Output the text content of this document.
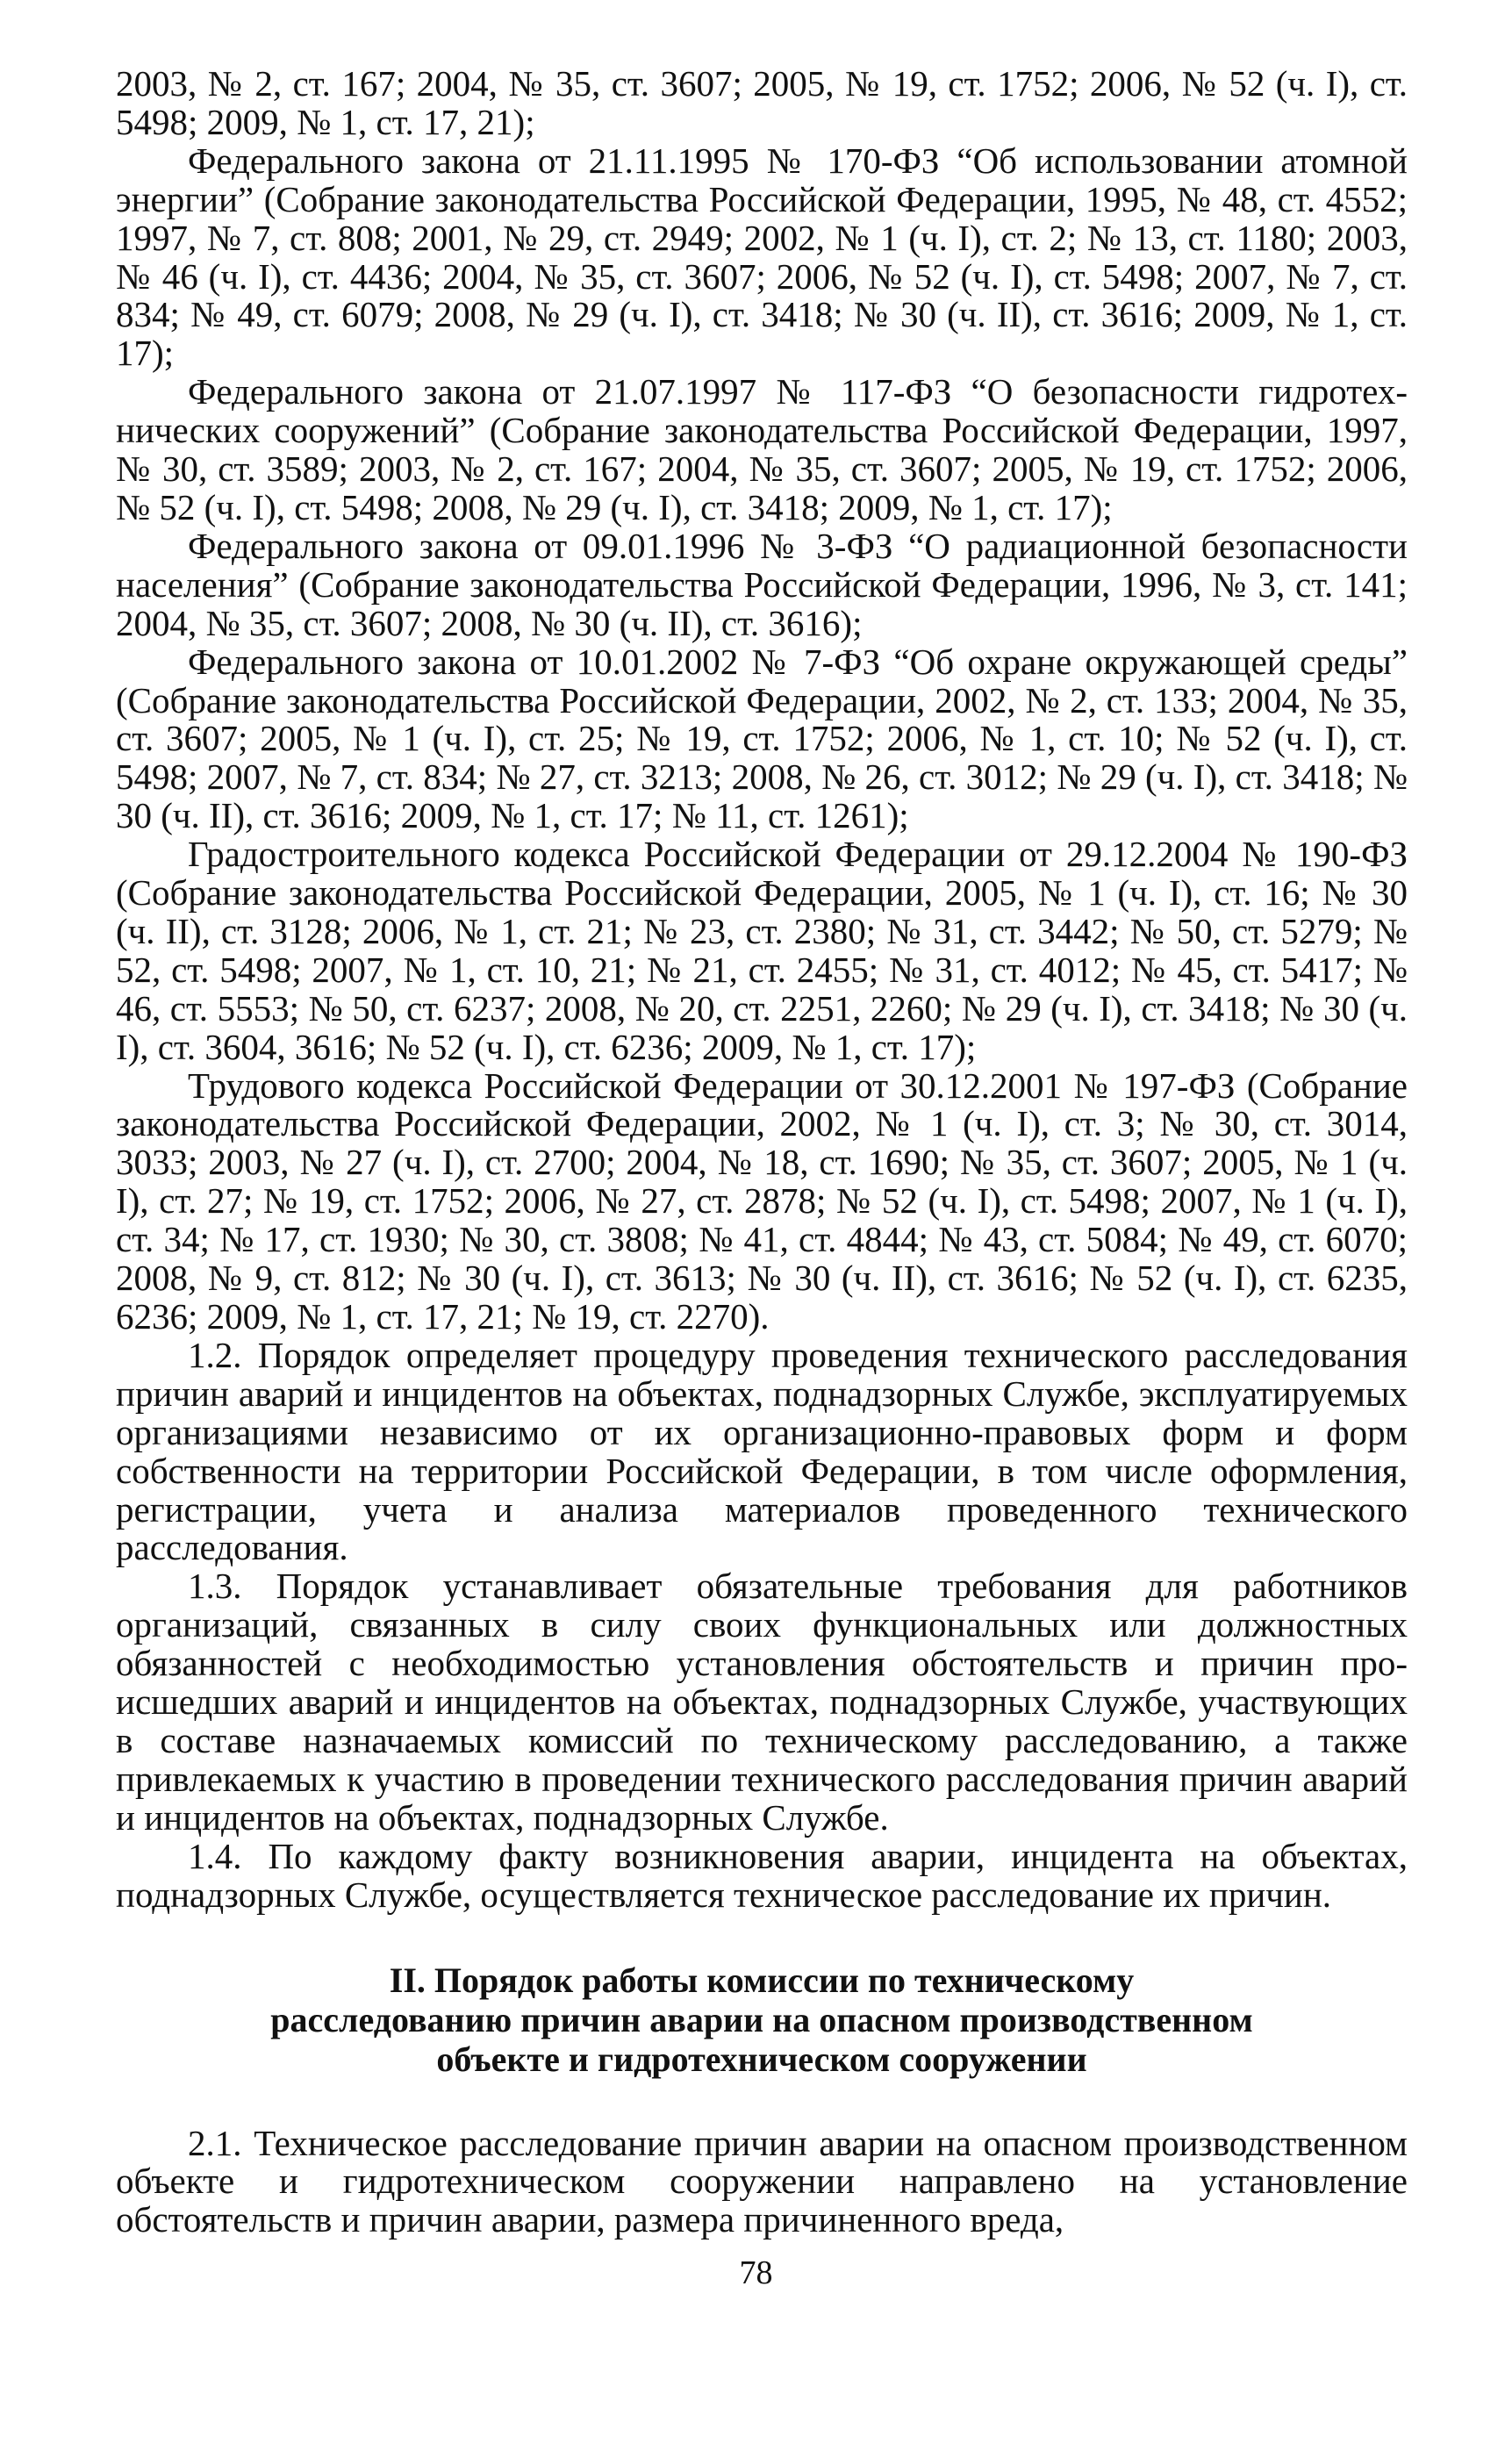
2003, № 2, ст. 167; 2004, № 35, ст. 3607; 2005, № 19, ст. 1752; 2006, № 52 (ч. I), ст. 5498; 2009, № 1, ст. 17, 21);

Федерального закона от 21.11.1995 № 170-ФЗ “Об использовании атомной энергии” (Собрание законодательства Российской Федерации, 1995, № 48, ст. 4552; 1997, № 7, ст. 808; 2001, № 29, ст. 2949; 2002, № 1 (ч. I), ст. 2; № 13, ст. 1180; 2003, № 46 (ч. I), ст. 4436; 2004, № 35, ст. 3607; 2006, № 52 (ч. I), ст. 5498; 2007, № 7, ст. 834; № 49, ст. 6079; 2008, № 29 (ч. I), ст. 3418; № 30 (ч. II), ст. 3616; 2009, № 1, ст. 17);

Федерального закона от 21.07.1997 № 117-ФЗ “О безопасности гидротехнических сооружений” (Собрание законодательства Российской Федерации, 1997, № 30, ст. 3589; 2003, № 2, ст. 167; 2004, № 35, ст. 3607; 2005, № 19, ст. 1752; 2006, № 52 (ч. I), ст. 5498; 2008, № 29 (ч. I), ст. 3418; 2009, № 1, ст. 17);

Федерального закона от 09.01.1996 № 3-ФЗ “О радиационной безопасности населения” (Собрание законодательства Российской Федерации, 1996, № 3, ст. 141; 2004, № 35, ст. 3607; 2008, № 30 (ч. II), ст. 3616);

Федерального закона от 10.01.2002 № 7-ФЗ “Об охране окружающей среды” (Собрание законодательства Российской Федерации, 2002, № 2, ст. 133; 2004, № 35, ст. 3607; 2005, № 1 (ч. I), ст. 25; № 19, ст. 1752; 2006, № 1, ст. 10; № 52 (ч. I), ст. 5498; 2007, № 7, ст. 834; № 27, ст. 3213; 2008, № 26, ст. 3012; № 29 (ч. I), ст. 3418; № 30 (ч. II), ст. 3616; 2009, № 1, ст. 17; № 11, ст. 1261);

Градостроительного кодекса Российской Федерации от 29.12.2004 № 190-ФЗ (Собрание законодательства Российской Федерации, 2005, № 1 (ч. I), ст. 16; № 30 (ч. II), ст. 3128; 2006, № 1, ст. 21; № 23, ст. 2380; № 31, ст. 3442; № 50, ст. 5279; № 52, ст. 5498; 2007, № 1, ст. 10, 21; № 21, ст. 2455; № 31, ст. 4012; № 45, ст. 5417; № 46, ст. 5553; № 50, ст. 6237; 2008, № 20, ст. 2251, 2260; № 29 (ч. I), ст. 3418; № 30 (ч. I), ст. 3604, 3616; № 52 (ч. I), ст. 6236; 2009, № 1, ст. 17);

Трудового кодекса Российской Федерации от 30.12.2001 № 197-ФЗ (Собрание законодательства Российской Федерации, 2002, № 1 (ч. I), ст. 3; № 30, ст. 3014, 3033; 2003, № 27 (ч. I), ст. 2700; 2004, № 18, ст. 1690; № 35, ст. 3607; 2005, № 1 (ч. I), ст. 27; № 19, ст. 1752; 2006, № 27, ст. 2878; № 52 (ч. I), ст. 5498; 2007, № 1 (ч. I), ст. 34; № 17, ст. 1930; № 30, ст. 3808; № 41, ст. 4844; № 43, ст. 5084; № 49, ст. 6070; 2008, № 9, ст. 812; № 30 (ч. I), ст. 3613; № 30 (ч. II), ст. 3616; № 52 (ч. I), ст. 6235, 6236; 2009, № 1, ст. 17, 21; № 19, ст. 2270).

1.2. Порядок определяет процедуру проведения технического расследования причин аварий и инцидентов на объектах, поднадзорных Службе, эксплуатируемых организациями независимо от их организационно-правовых форм и форм собственности на территории Российской Федерации, в том числе оформления, регистрации, учета и анализа материалов проведенного технического расследования.

1.3. Порядок устанавливает обязательные требования для работников организаций, связанных в силу своих функциональных или должностных обязанностей с необходимостью установления обстоятельств и причин происшедших аварий и инцидентов на объектах, поднадзорных Службе, участвующих в составе назначаемых комиссий по техническому расследованию, а также привлекаемых к участию в проведении технического расследования причин аварий и инцидентов на объектах, поднадзорных Службе.

1.4. По каждому факту возникновения аварии, инцидента на объектах, поднадзорных Службе, осуществляется техническое расследование их причин.

II. Порядок работы комиссии по техническому
расследованию причин аварии на опасном производственном
объекте и гидротехническом сооружении

2.1. Техническое расследование причин аварии на опасном производственном объекте и гидротехническом сооружении направлено на установление обстоятельств и причин аварии, размера причиненного вреда,

78
